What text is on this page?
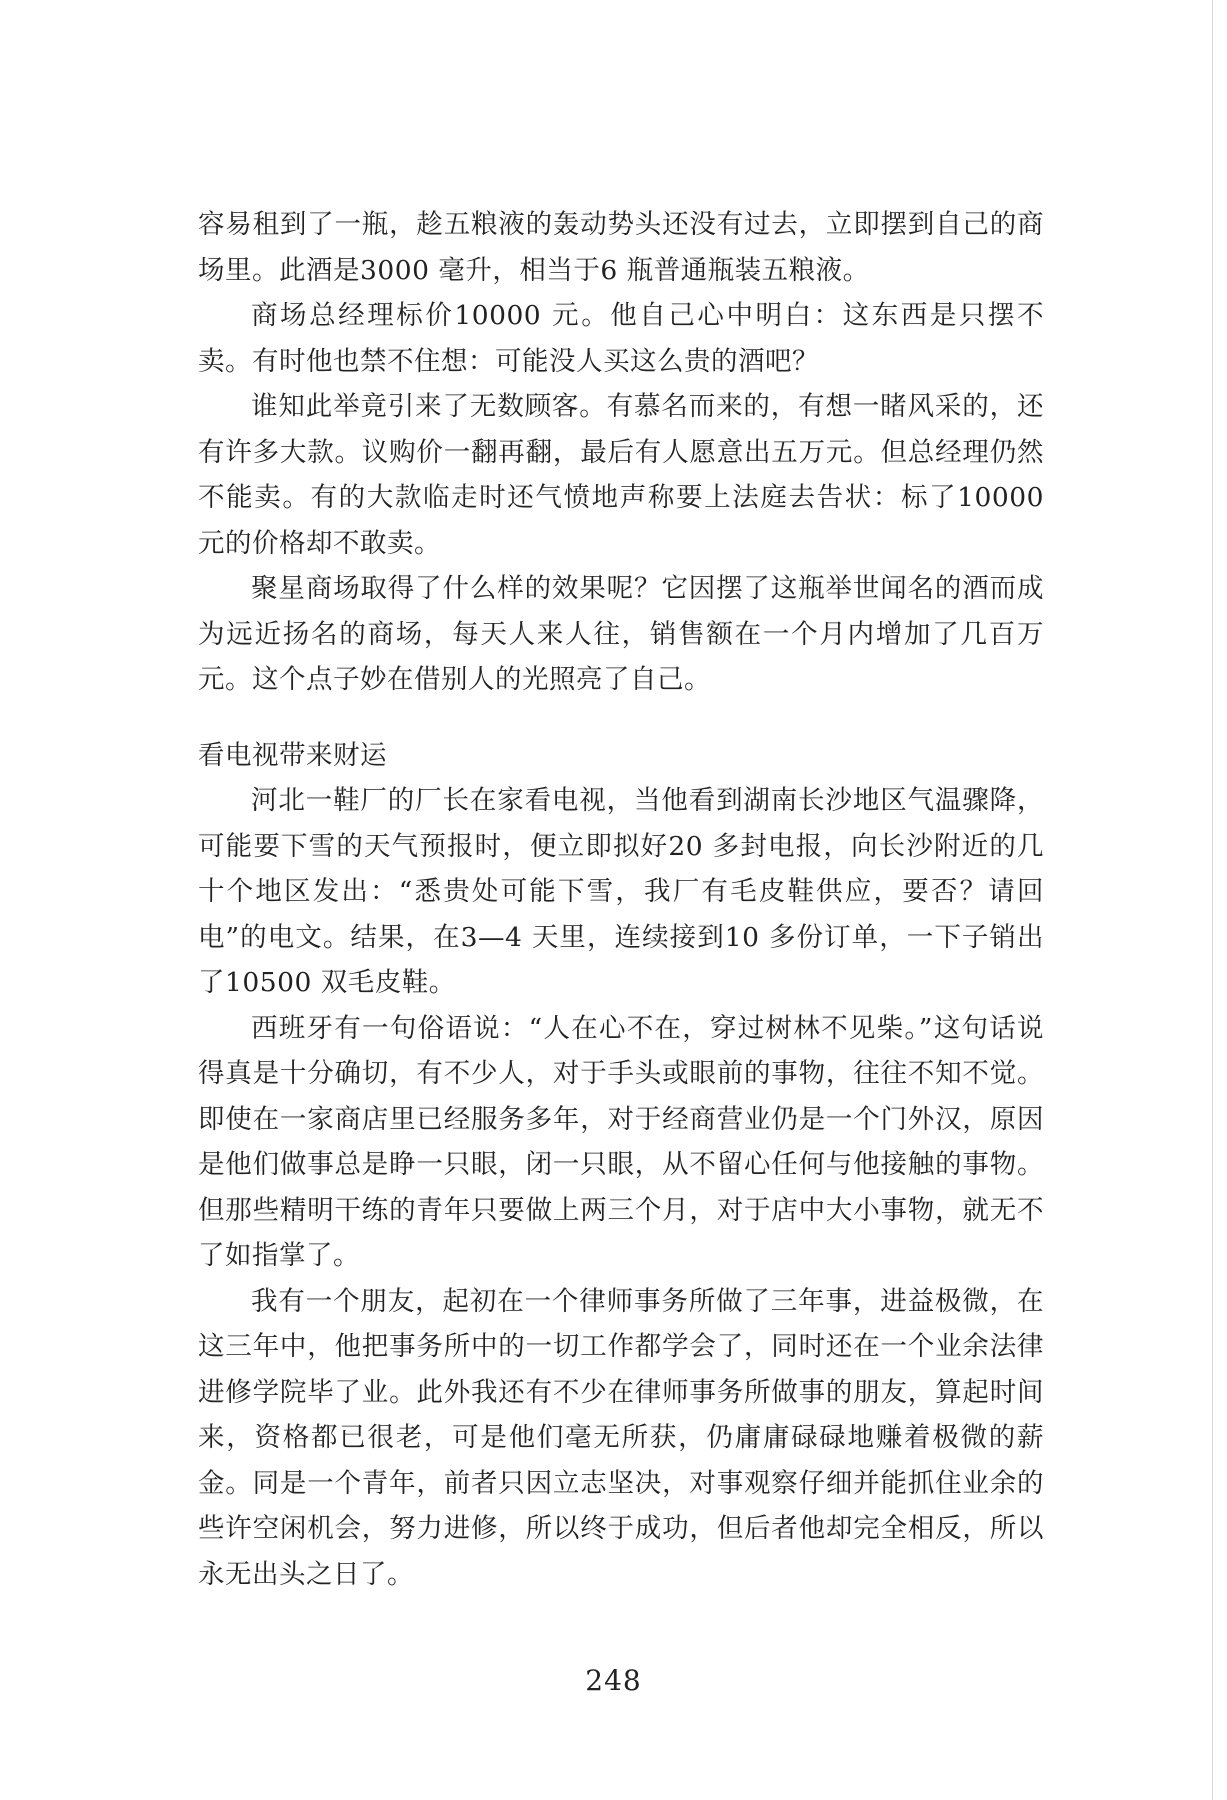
容易租到了一瓶，趁五粮液的轰动势头还没有过去，立即摆到自己的商场里。此酒是3000 毫升，相当于6 瓶普通瓶装五粮液。

商场总经理标价10000 元。他自己心中明白：这东西是只摆不卖。有时他也禁不住想：可能没人买这么贵的酒吧？

谁知此举竟引来了无数顾客。有慕名而来的，有想一睹风采的，还有许多大款。议购价一翻再翻，最后有人愿意出五万元。但总经理仍然不能卖。有的大款临走时还气愤地声称要上法庭去告状：标了10000 元的价格却不敢卖。

聚星商场取得了什么样的效果呢？它因摆了这瓶举世闻名的酒而成为远近扬名的商场，每天人来人往，销售额在一个月内增加了几百万元。这个点子妙在借别人的光照亮了自己。

看电视带来财运

河北一鞋厂的厂长在家看电视，当他看到湖南长沙地区气温骤降，可能要下雪的天气预报时，便立即拟好20 多封电报，向长沙附近的几十个地区发出：“悉贵处可能下雪，我厂有毛皮鞋供应，要否？请回电”的电文。结果，在3—4 天里，连续接到10 多份订单，一下子销出了10500 双毛皮鞋。

西班牙有一句俗语说：“人在心不在，穿过树林不见柴。”这句话说得真是十分确切，有不少人，对于手头或眼前的事物，往往不知不觉。即使在一家商店里已经服务多年，对于经商营业仍是一个门外汉，原因是他们做事总是睁一只眼，闭一只眼，从不留心任何与他接触的事物。但那些精明干练的青年只要做上两三个月，对于店中大小事物，就无不了如指掌了。

我有一个朋友，起初在一个律师事务所做了三年事，进益极微，在这三年中，他把事务所中的一切工作都学会了，同时还在一个业余法律进修学院毕了业。此外我还有不少在律师事务所做事的朋友，算起时间来，资格都已很老，可是他们毫无所获，仍庸庸碌碌地赚着极微的薪金。同是一个青年，前者只因立志坚决，对事观察仔细并能抓住业余的些许空闲机会，努力进修，所以终于成功，但后者他却完全相反，所以永无出头之日了。

248
